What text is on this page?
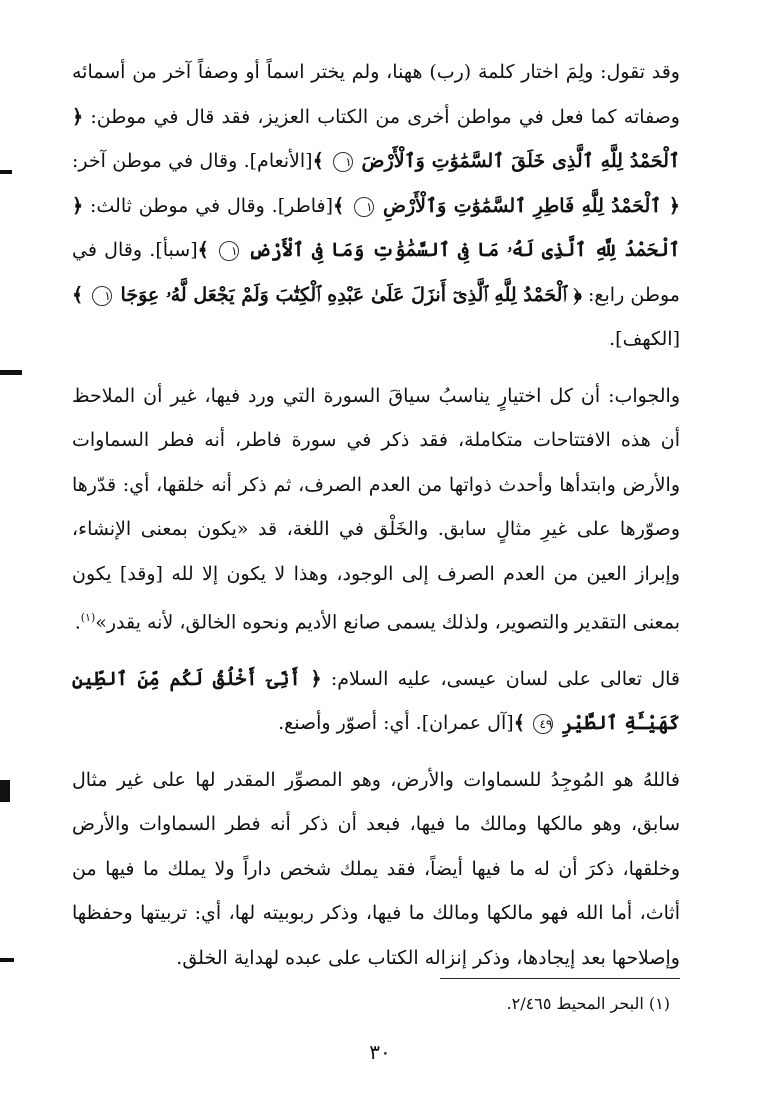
وقد تقول: ولِمَ اختار كلمة (رب) ههنا، ولم يختر اسماً أو وصفاً آخر من أسمائه وصفاته كما فعل في مواطن أخرى من الكتاب العزيز، فقد قال في موطن: ﴿ ٱلْحَمْدُ لِلَّهِ ٱلَّذِى خَلَقَ ٱلسَّمَٰوَٰتِ وَٱلْأَرْضَ ١ ﴾[الأنعام]. وقال في موطن آخر: ﴿ ٱلْحَمْدُ لِلَّهِ فَاطِرِ ٱلسَّمَٰوَٰتِ وَٱلْأَرْضِ ١ ﴾[فاطر]. وقال في موطن ثالث: ﴿ ٱلْحَمْدُ لِلَّهِ ٱلَّذِى لَهُۥ مَا فِى ٱلسَّمَٰوَٰتِ وَمَا فِى ٱلْأَرْضِ ١ ﴾[سبأ]. وقال في موطن رابع: ﴿ ٱلْحَمْدُ لِلَّهِ ٱلَّذِىٓ أَنزَلَ عَلَىٰ عَبْدِهِ ٱلْكِتَٰبَ وَلَمْ يَجْعَل لَّهُۥ عِوَجَا ١ ﴾ [الكهف].

والجواب: أن كل اختيارٍ يناسبُ سياقَ السورة التي ورد فيها، غير أن الملاحظ أن هذه الافتتاحات متكاملة، فقد ذكر في سورة فاطر، أنه فطر السماوات والأرض وابتدأها وأحدث ذواتها من العدم الصرف، ثم ذكر أنه خلقها، أي: قدّرها وصوّرها على غيرِ مثالٍ سابق. والخَلْق في اللغة، قد «يكون بمعنى الإنشاء، وإبراز العين من العدم الصرف إلى الوجود، وهذا لا يكون إلا لله [وقد] يكون بمعنى التقدير والتصوير، ولذلك يسمى صانع الأديم ونحوه الخالق، لأنه يقدر»$^{(١)}$.

قال تعالى على لسان عيسى، عليه السلام: ﴿ أَنِّىٓ أَخْلُقُ لَكُم مِّنَ ٱلطِّينِ كَهَيْـَٔةِ ٱلطَّيْرِ ٤٩ ﴾[آل عمران]. أي: أصوّر وأصنع.

فاللهُ هو المُوجِدُ للسماوات والأرض، وهو المصوِّر المقدر لها على غير مثال سابق، وهو مالكها ومالك ما فيها، فبعد أن ذكر أنه فطر السماوات والأرض وخلقها، ذكرَ أن له ما فيها أيضاً، فقد يملك شخص داراً ولا يملك ما فيها من أثاث، أما الله فهو مالكها ومالك ما فيها، وذكر ربوبيته لها، أي: تربيتها وحفظها وإصلاحها بعد إيجادها، وذكر إنزاله الكتاب على عبده لهداية الخلق.

(١) البحر المحيط ٢/٤٦٥.
٣٠
